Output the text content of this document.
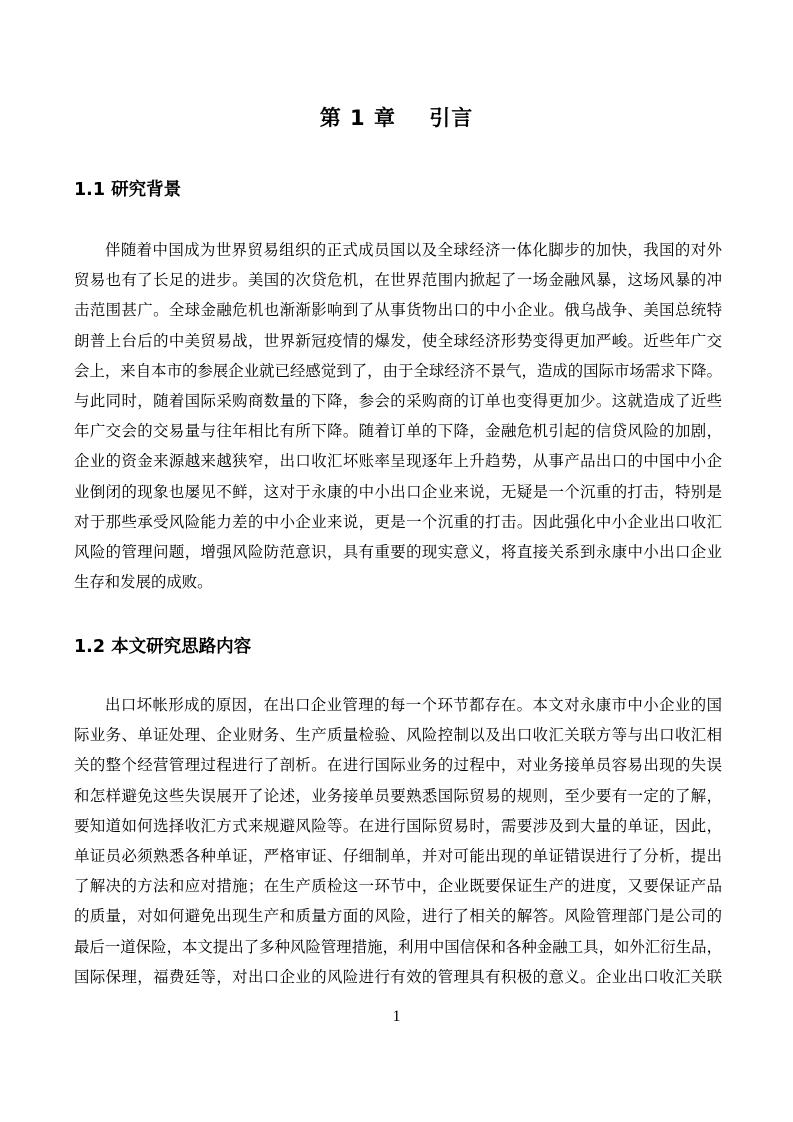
第 1 章    引言
1.1 研究背景
伴随着中国成为世界贸易组织的正式成员国以及全球经济一体化脚步的加快，我国的对外
贸易也有了长足的进步。美国的次贷危机，在世界范围内掀起了一场金融风暴，这场风暴的冲
击范围甚广。全球金融危机也渐渐影响到了从事货物出口的中小企业。俄乌战争、美国总统特
朗普上台后的中美贸易战，世界新冠疫情的爆发，使全球经济形势变得更加严峻。近些年广交
会上，来自本市的参展企业就已经感觉到了，由于全球经济不景气，造成的国际市场需求下降。
与此同时，随着国际采购商数量的下降，参会的采购商的订单也变得更加少。这就造成了近些
年广交会的交易量与往年相比有所下降。随着订单的下降，金融危机引起的信贷风险的加剧，
企业的资金来源越来越狭窄，出口收汇坏账率呈现逐年上升趋势，从事产品出口的中国中小企
业倒闭的现象也屡见不鲜，这对于永康的中小出口企业来说，无疑是一个沉重的打击，特别是
对于那些承受风险能力差的中小企业来说，更是一个沉重的打击。因此强化中小企业出口收汇
风险的管理问题，增强风险防范意识，具有重要的现实意义，将直接关系到永康中小出口企业
生存和发展的成败。
1.2 本文研究思路内容
出口坏帐形成的原因，在出口企业管理的每一个环节都存在。本文对永康市中小企业的国
际业务、单证处理、企业财务、生产质量检验、风险控制以及出口收汇关联方等与出口收汇相
关的整个经营管理过程进行了剖析。在进行国际业务的过程中，对业务接单员容易出现的失误
和怎样避免这些失误展开了论述，业务接单员要熟悉国际贸易的规则，至少要有一定的了解，
要知道如何选择收汇方式来规避风险等。在进行国际贸易时，需要涉及到大量的单证，因此，
单证员必须熟悉各种单证，严格审证、仔细制单，并对可能出现的单证错误进行了分析，提出
了解决的方法和应对措施；在生产质检这一环节中，企业既要保证生产的进度，又要保证产品
的质量，对如何避免出现生产和质量方面的风险，进行了相关的解答。风险管理部门是公司的
最后一道保险，本文提出了多种风险管理措施，利用中国信保和各种金融工具，如外汇衍生品，
国际保理，福费廷等，对出口企业的风险进行有效的管理具有积极的意义。企业出口收汇关联
1
